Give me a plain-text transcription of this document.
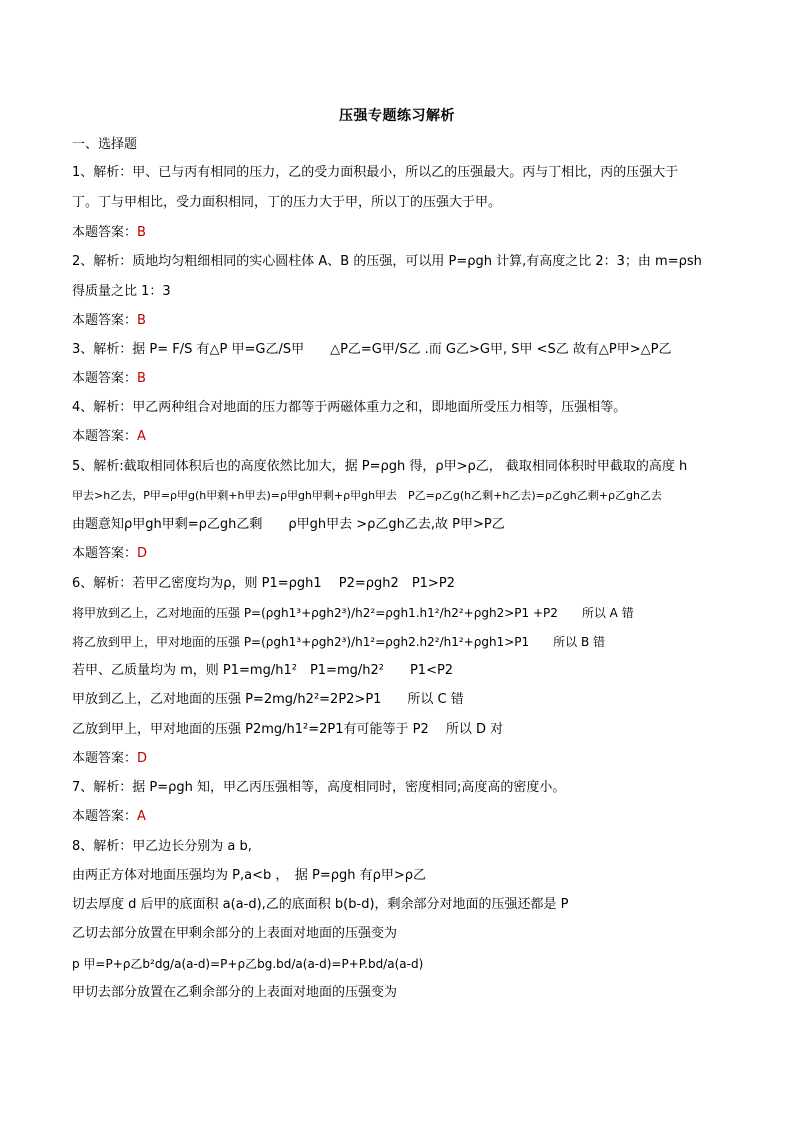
压强专题练习解析
一、选择题
1、解析：甲、已与丙有相同的压力，乙的受力面积最小，所以乙的压强最大。丙与丁相比，丙的压强大于
丁。丁与甲相比，受力面积相同，丁的压力大于甲，所以丁的压强大于甲。
本题答案：B
2、解析：质地均匀粗细相同的实心圆柱体 A、B 的压强，可以用 P=ρgh 计算,有高度之比 2：3；由 m=ρsh
得质量之比 1：3
本题答案：B
3、解析：据 P= F/S 有△P 甲=G乙/S甲　　△P乙=G甲/S乙 .而 G乙>G甲, S甲 <S乙 故有△P甲>△P乙
本题答案：B
4、解析：甲乙两种组合对地面的压力都等于两磁体重力之和，即地面所受压力相等，压强相等。
本题答案：A
5、解析:截取相同体积后也的高度依然比加大，据 P=ρgh 得，ρ甲>ρ乙， 截取相同体积时甲截取的高度 h
甲去>h乙去，P甲=ρ甲g(h甲剩+h甲去)=ρ甲gh甲剩+ρ甲gh甲去　P乙=ρ乙g(h乙剩+h乙去)=ρ乙gh乙剩+ρ乙gh乙去
由题意知ρ甲gh甲剩=ρ乙gh乙剩　　ρ甲gh甲去 >ρ乙gh乙去,故 P甲>P乙
本题答案：D
6、解析：若甲乙密度均为ρ，则 P1=ρgh1　 P2=ρgh2　P1>P2
将甲放到乙上，乙对地面的压强 P=(ρgh1³+ρgh2³)/h2²=ρgh1.h1²/h2²+ρgh2>P1 +P2　　所以 A 错
将乙放到甲上，甲对地面的压强 P=(ρgh1³+ρgh2³)/h1²=ρgh2.h2²/h1²+ρgh1>P1　　所以 B 错
若甲、乙质量均为 m，则 P1=mg/h1²　P1=mg/h2²　　P1<P2
甲放到乙上，乙对地面的压强 P=2mg/h2²=2P2>P1　　所以 C 错
乙放到甲上，甲对地面的压强 P2mg/h1²=2P1有可能等于 P2　 所以 D 对
本题答案：D
7、解析：据 P=ρgh 知，甲乙丙压强相等，高度相同时，密度相同;高度高的密度小。
本题答案：A
8、解析：甲乙边长分别为 a b,
由两正方体对地面压强均为 P,a<b ，　据 P=ρgh 有ρ甲>ρ乙
切去厚度 d 后甲的底面积 a(a-d),乙的底面积 b(b-d)，剩余部分对地面的压强还都是 P
乙切去部分放置在甲剩余部分的上表面对地面的压强变为
p 甲=P+ρ乙b²dg/a(a-d)=P+ρ乙bg.bd/a(a-d)=P+P.bd/a(a-d)
甲切去部分放置在乙剩余部分的上表面对地面的压强变为
